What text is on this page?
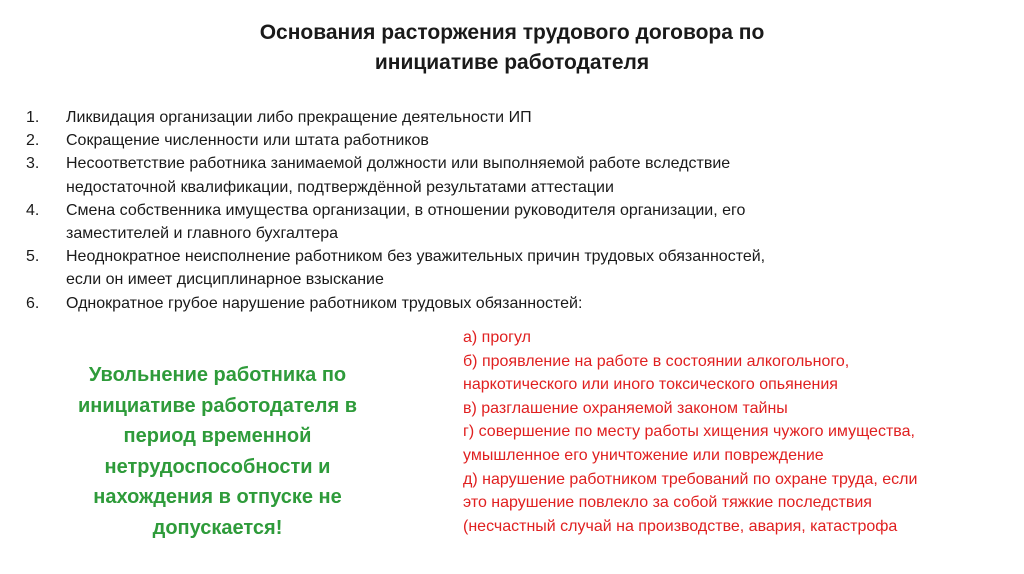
Основания расторжения трудового договора по
инициативе работодателя
1.	Ликвидация организации либо прекращение деятельности ИП
2.	Сокращение численности или штата работников
3.	Несоответствие работника занимаемой должности или выполняемой работе вследствие
недостаточной квалификации, подтверждённой результатами аттестации
4.	Смена собственника имущества организации, в отношении руководителя организации, его
заместителей и главного бухгалтера
5.	Неоднократное неисполнение работником без уважительных причин трудовых обязанностей,
если он имеет дисциплинарное взыскание
6.	Однократное грубое нарушение работником трудовых обязанностей:
а) прогул
б) проявление на работе в состоянии алкогольного,
наркотического или иного токсического опьянения
в) разглашение охраняемой законом тайны
г) совершение по месту работы хищения чужого имущества,
умышленное его уничтожение или повреждение
д) нарушение работником требований по охране труда, если
это нарушение повлекло за собой тяжкие последствия
(несчастный случай на производстве, авария, катастрофа
Увольнение работника по
инициативе работодателя в
период временной
нетрудоспособности и
нахождения в отпуске не
допускается!
